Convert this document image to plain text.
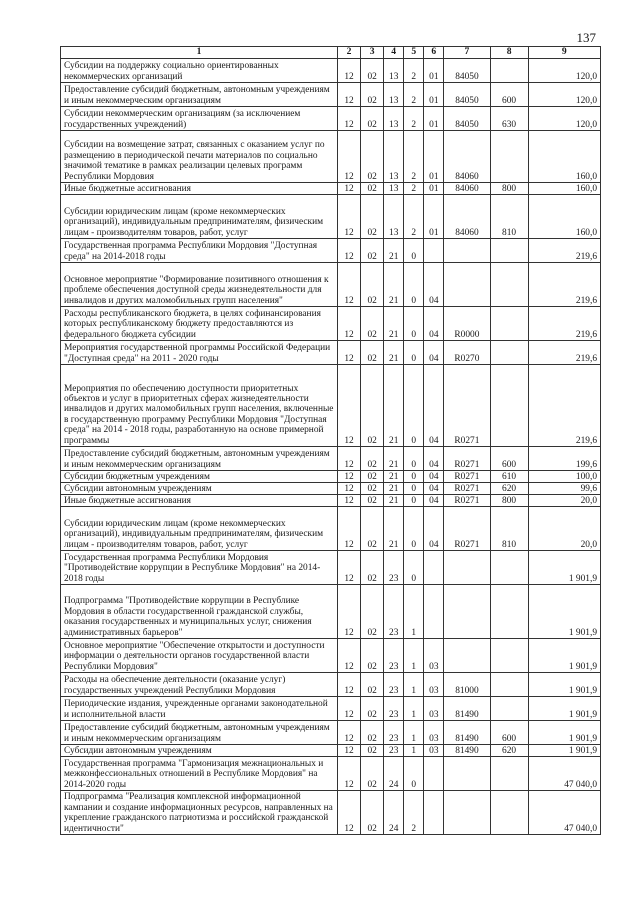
137
1	2	3	4	5	6	7	8	9
Субсидии на поддержку социально ориентированных некоммерческих организаций	12	02	13	2	01	84050		120,0
Предоставление субсидий бюджетным, автономным учреждениям и иным некоммерческим организациям	12	02	13	2	01	84050	600	120,0
Субсидии некоммерческим организациям (за исключением государственных учреждений)	12	02	13	2	01	84050	630	120,0
Субсидии на возмещение затрат, связанных с оказанием услуг по размещению в периодической печати материалов по социально значимой тематике в рамках реализации целевых программ Республики Мордовия	12	02	13	2	01	84060		160,0
Иные бюджетные ассигнования	12	02	13	2	01	84060	800	160,0
Субсидии юридическим лицам (кроме некоммерческих организаций), индивидуальным предпринимателям, физическим лицам - производителям товаров, работ, услуг	12	02	13	2	01	84060	810	160,0
Государственная программа Республики Мордовия "Доступная среда" на 2014-2018 годы	12	02	21	0				219,6
Основное мероприятие "Формирование позитивного отношения к проблеме обеспечения доступной среды жизнедеятельности для инвалидов и других маломобильных групп населения"	12	02	21	0	04			219,6
Расходы республиканского бюджета, в целях софинансирования которых республиканскому бюджету предоставляются из федерального бюджета субсидии	12	02	21	0	04	R0000		219,6
Мероприятия государственной программы Российской Федерации "Доступная среда" на 2011 - 2020 годы	12	02	21	0	04	R0270		219,6
Мероприятия по обеспечению доступности приоритетных объектов и услуг в приоритетных сферах жизнедеятельности инвалидов и других маломобильных групп населения, включенные в государственную программу Республики Мордовия "Доступная среда" на 2014 - 2018 годы, разработанную на основе примерной программы	12	02	21	0	04	R0271		219,6
Предоставление субсидий бюджетным, автономным учреждениям и иным некоммерческим организациям	12	02	21	0	04	R0271	600	199,6
Субсидии бюджетным учреждениям	12	02	21	0	04	R0271	610	100,0
Субсидии автономным учреждениям	12	02	21	0	04	R0271	620	99,6
Иные бюджетные ассигнования	12	02	21	0	04	R0271	800	20,0
Субсидии юридическим лицам (кроме некоммерческих организаций), индивидуальным предпринимателям, физическим лицам - производителям товаров, работ, услуг	12	02	21	0	04	R0271	810	20,0
Государственная программа Республики Мордовия "Противодействие коррупции в Республике Мордовия" на 2014-2018 годы	12	02	23	0				1 901,9
Подпрограмма "Противодействие коррупции в Республике Мордовия в области государственной гражданской службы, оказания государственных и муниципальных услуг, снижения административных барьеров"	12	02	23	1				1 901,9
Основное мероприятие "Обеспечение открытости и доступности информации о деятельности органов государственной власти Республики Мордовия"	12	02	23	1	03			1 901,9
Расходы на обеспечение деятельности (оказание услуг) государственных учреждений Республики Мордовия	12	02	23	1	03	81000		1 901,9
Периодические издания, учрежденные органами законодательной и исполнительной власти	12	02	23	1	03	81490		1 901,9
Предоставление субсидий бюджетным, автономным учреждениям и иным некоммерческим организациям	12	02	23	1	03	81490	600	1 901,9
Субсидии автономным учреждениям	12	02	23	1	03	81490	620	1 901,9
Государственная программа "Гармонизация межнациональных и межконфессиональных отношений в Республике Мордовия" на 2014-2020 годы	12	02	24	0				47 040,0
Подпрограмма "Реализация комплексной информационной кампании и создание информационных ресурсов, направленных на укрепление гражданского патриотизма и российской гражданской идентичности"	12	02	24	2				47 040,0
